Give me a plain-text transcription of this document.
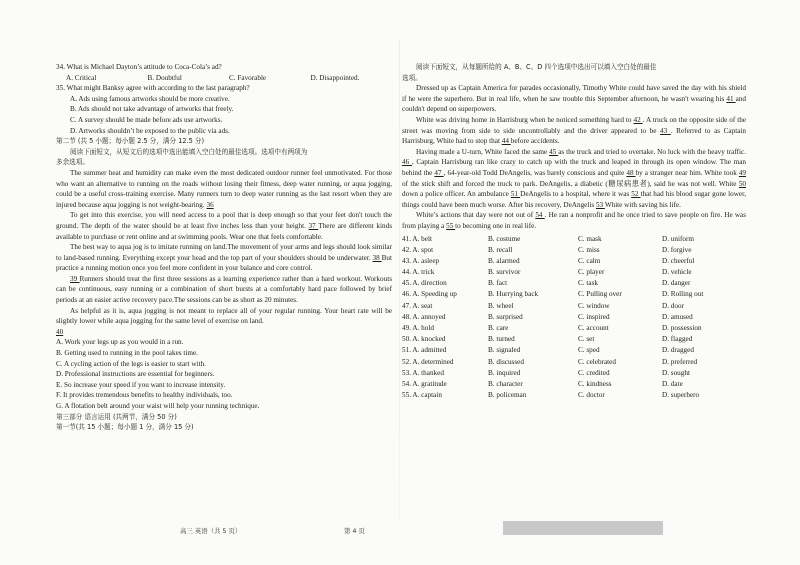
34. What is Michael Dayton’s attitude to Coca-Cola’s ad?
A. Critical	B. Doubtful	C. Favorable	D. Disappointed.
35. What might Banksy agree with according to the last paragraph?
A. Ads using famous artworks should be more creative.
B. Ads should not take advantage of artworks that freely.
C. A survey should be made before ads use artworks.
D. Artworks shouldn’t be exposed to the public via ads.
第二节 (共 5 小题；每小题 2.5 分，满分 12.5 分)
阅读下面短文，从短文后的选项中选出能填入空白处的最佳选项。选项中有两项为
多余选项。
The summer heat and humidity can make even the most dedicated outdoor runner feel unmotivated. For those who want an alternative to running on the roads without losing their fitness, deep water running, or aqua jogging, could be a useful cross-training exercise. Many runners turn to deep water running as the last resort when they are injured because aqua jogging is not weight-bearing. 36
To get into this exercise, you will need access to a pool that is deep enough so that your feet don't touch the ground. The depth of the water should be at least five inches less than your height. 37 There are different kinds available to purchase or rent online and at swimming pools. Wear one that feels comfortable.
The best way to aqua jog is to imitate running on land.The movement of your arms and legs should look similar to land-based running. Everything except your head and the top part of your shoulders should be underwater. 38 But practice a running motion once you feel more confident in your balance and core control.
39 Runners should treat the first three sessions as a learning experience rather than a hard workout. Workouts can be continuous, easy running or a combination of short bursts at a comfortably hard pace followed by brief periods at an easier active recovery pace.The sessions can be as short as 20 minutes.
As helpful as it is, aqua jogging is not meant to replace all of your regular running. Your heart rate will be slightly lower while aqua jogging for the same level of exercise on land.
40
A. Work your legs up as you would in a run.
B. Getting used to running in the pool takes time.
C. A cycling action of the legs is easier to start with.
D. Professional instructions are essential for beginners.
E. So increase your speed if you want to increase intensity.
F. It provides tremendous benefits to healthy individuals, too.
G. A flotation belt around your waist will help your running technique.
第三部分 语言运用 (共两节，满分 50 分)
第一节(共 15 小题；每小题 1 分，满分 15 分)
阅读下面短文，从每题所给的 A、B、C、D 四个选项中选出可以填入空白处的最佳
选项。
Dressed up as Captain America for parades occasionally, Timothy White could have saved the day with his shield if he were the superhero. But in real life, when he saw trouble this September afternoon, he wasn't wearing his 41 and couldn't depend on superpowers.
White was driving home in Harrisburg when he noticed something hard to 42 . A truck on the opposite side of the street was moving from side to side uncontrollably and the driver appeared to be 43 . Referred to as Captain Harrisburg, White had to stop that 44 before accidents.
Having made a U-turn, White faced the same 45 as the truck and tried to overtake. No luck with the heavy traffic. 46 , Captain Harrisburg ran like crazy to catch up with the truck and leaped in through its open window. The man behind the 47 , 64-year-old Todd DeAngelis, was barely conscious and quite 48 by a stranger near him. White took 49 of the stick shift and forced the truck to park. DeAngelis, a diabetic (糖尿病患者), said he was not well. White 50 down a police officer. An ambulance 51 DeAngelis to a hospital, where it was 52 that had his blood sugar gone lower, things could have been much worse. After his recovery, DeAngelis 53 White with saving his life.
White’s actions that day were not out of 54 . He ran a nonprofit and he once tried to save people on fire. He was from playing a 55 to becoming one in real life.
41. A. belt	B. costume	C. mask	D. uniform
42. A. spot	B. recall	C. miss	D. forgive
43. A. asleep	B. alarmed	C. calm	D. cheerful
44. A. trick	B. survivor	C. player	D. vehicle
45. A. direction	B. fact	C. task	D. danger
46. A. Speeding up	B. Hurrying back	C. Pulling over	D. Rolling out
47. A. seat	B. wheel	C. window	D. door
48. A. annoyed	B. surprised	C. inspired	D. amused
49. A. hold	B. care	C. account	D. possession
50. A. knocked	B. turned	C. set	D. flagged
51. A. admitted	B. signaled	C. sped	D. dragged
52. A. determined	B. discussed	C. celebrated	D. preferred
53. A. thanked	B. inquired	C. credited	D. sought
54. A. gratitude	B. character	C. kindness	D. date
55. A. captain	B. policeman	C. doctor	D. superhero
高三 英语（共 5 页）	第 4 页
